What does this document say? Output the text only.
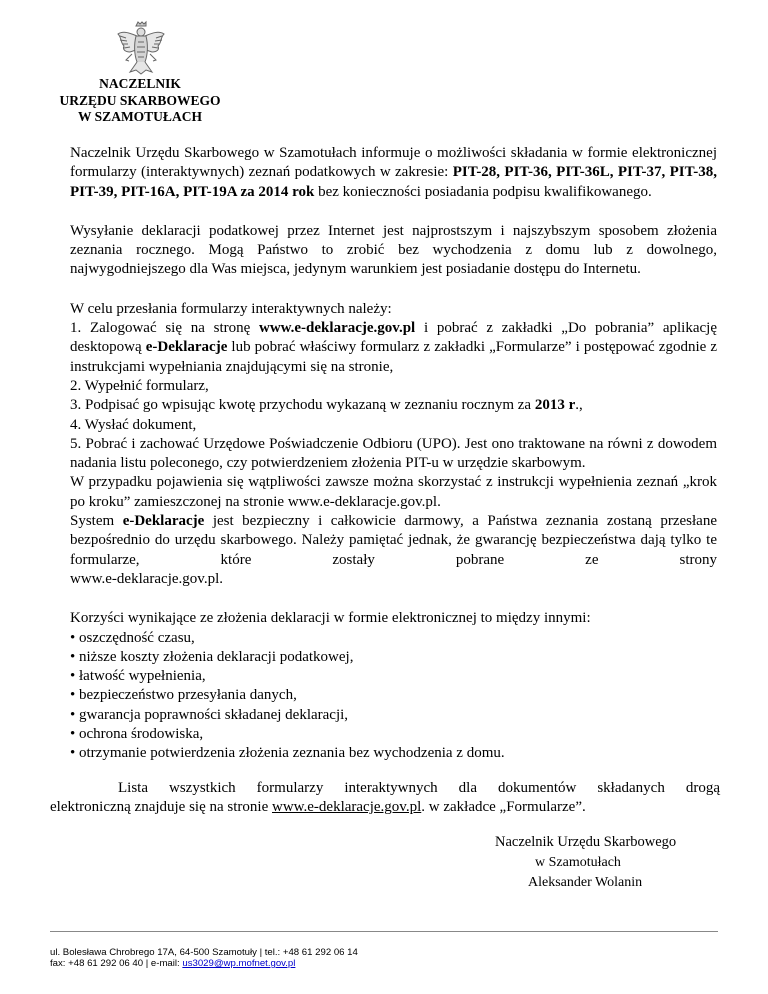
NACZELNIK
URZĘDU SKARBOWEGO
W SZAMOTUŁACH

Naczelnik Urzędu Skarbowego w Szamotułach informuje o możliwości składania w formie elektronicznej formularzy (interaktywnych) zeznań podatkowych w zakresie: PIT-28, PIT-36, PIT-36L, PIT-37, PIT-38, PIT-39, PIT-16A, PIT-19A za 2014 rok bez konieczności posiadania podpisu kwalifikowanego.

Wysyłanie deklaracji podatkowej przez Internet jest najprostszym i najszybszym sposobem złożenia zeznania rocznego. Mogą Państwo to zrobić bez wychodzenia z domu lub z dowolnego, najwygodniejszego dla Was miejsca, jedynym warunkiem jest posiadanie dostępu do Internetu.

W celu przesłania formularzy interaktywnych należy:

1. Zalogować się na stronę www.e-deklaracje.gov.pl i pobrać z zakładki „Do pobrania” aplikację desktopową e-Deklaracje lub pobrać właściwy formularz z zakładki „Formularze” i postępować zgodnie z instrukcjami wypełniania znajdującymi się na stronie,

2. Wypełnić formularz,
3. Podpisać go wpisując kwotę przychodu wykazaną w zeznaniu rocznym za 2013 r.,
4. Wysłać dokument,

5. Pobrać i zachować Urzędowe Poświadczenie Odbioru (UPO). Jest ono traktowane na równi z dowodem nadania listu poleconego, czy potwierdzeniem złożenia PIT-u w urzędzie skarbowym.

W przypadku pojawienia się wątpliwości zawsze można skorzystać z instrukcji wypełnienia zeznań „krok po kroku” zamieszczonej na stronie www.e-deklaracje.gov.pl.

System e-Deklaracje jest bezpieczny i całkowicie darmowy, a Państwa zeznania zostaną przesłane bezpośrednio do urzędu skarbowego. Należy pamiętać jednak, że gwarancję bezpieczeństwa dają tylko te formularze, które zostały pobrane ze strony

www.e-deklaracje.gov.pl.
Korzyści wynikające ze złożenia deklaracji w formie elektronicznej to między innymi:
• oszczędność czasu,
• niższe koszty złożenia deklaracji podatkowej,
• łatwość wypełnienia,
• bezpieczeństwo przesyłania danych,
• gwarancja poprawności składanej deklaracji,
• ochrona środowiska,
• otrzymanie potwierdzenia złożenia zeznania bez wychodzenia z domu.
Lista wszystkich formularzy interaktywnych dla dokumentów składanych drogą
elektroniczną znajduje się na stronie www.e-deklaracje.gov.pl. w zakładce „Formularze”.
Naczelnik Urzędu Skarbowego
w Szamotułach
Aleksander Wolanin
ul. Bolesława Chrobrego 17A, 64-500 Szamotuły | tel.: +48 61 292 06 14
fax: +48 61 292 06 40 | e-mail: us3029@wp.mofnet.gov.pl
